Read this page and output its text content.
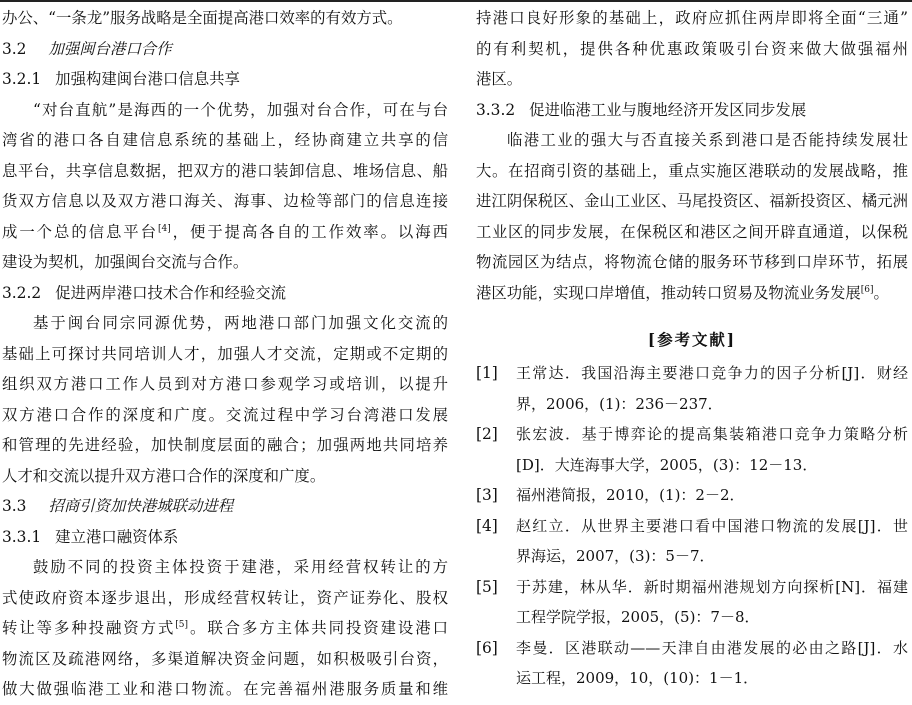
办公、“一条龙”服务战略是全面提高港口效率的有效方式。
3.2 加强闽台港口合作
3.2.1 加强构建闽台港口信息共享
“对台直航”是海西的一个优势，加强对台合作，可在与台
湾省的港口各自建信息系统的基础上，经协商建立共享的信
息平台，共享信息数据，把双方的港口装卸信息、堆场信息、船
货双方信息以及双方港口海关、海事、边检等部门的信息连接
成一个总的信息平台[4]，便于提高各自的工作效率。以海西
建设为契机，加强闽台交流与合作。
3.2.2 促进两岸港口技术合作和经验交流
基于闽台同宗同源优势，两地港口部门加强文化交流的
基础上可探讨共同培训人才，加强人才交流，定期或不定期的
组织双方港口工作人员到对方港口参观学习或培训，以提升
双方港口合作的深度和广度。交流过程中学习台湾港口发展
和管理的先进经验，加快制度层面的融合；加强两地共同培养
人才和交流以提升双方港口合作的深度和广度。
3.3 招商引资加快港城联动进程
3.3.1 建立港口融资体系
鼓励不同的投资主体投资于建港，采用经营权转让的方
式使政府资本逐步退出，形成经营权转让，资产证券化、股权
转让等多种投融资方式[5]。联合多方主体共同投资建设港口
物流区及疏港网络，多渠道解决资金问题，如积极吸引台资，
做大做强临港工业和港口物流。在完善福州港服务质量和维
持港口良好形象的基础上，政府应抓住两岸即将全面“三通”
的有利契机，提供各种优惠政策吸引台资来做大做强福州
港区。
3.3.2 促进临港工业与腹地经济开发区同步发展
临港工业的强大与否直接关系到港口是否能持续发展壮
大。在招商引资的基础上，重点实施区港联动的发展战略，推
进江阴保税区、金山工业区、马尾投资区、福新投资区、橘元洲
工业区的同步发展，在保税区和港区之间开辟直通道，以保税
物流园区为结点，将物流仓储的服务环节移到口岸环节，拓展
港区功能，实现口岸增值，推动转口贸易及物流业务发展[6]。
[参考文献]
[1] 王常达．我国沿海主要港口竞争力的因子分析[J]．财经
界，2006，(1)：236－237．
[2] 张宏波．基于博弈论的提高集装箱港口竞争力策略分析
[D]．大连海事大学，2005，(3)：12－13．
[3] 福州港简报，2010，(1)：2－2．
[4] 赵红立．从世界主要港口看中国港口物流的发展[J]．世
界海运，2007，(3)：5－7．
[5] 于苏建，林从华．新时期福州港规划方向探析[N]．福建
工程学院学报，2005，(5)：7－8．
[6] 李曼．区港联动——天津自由港发展的必由之路[J]．水
运工程，2009，10，(10)：1－1．
